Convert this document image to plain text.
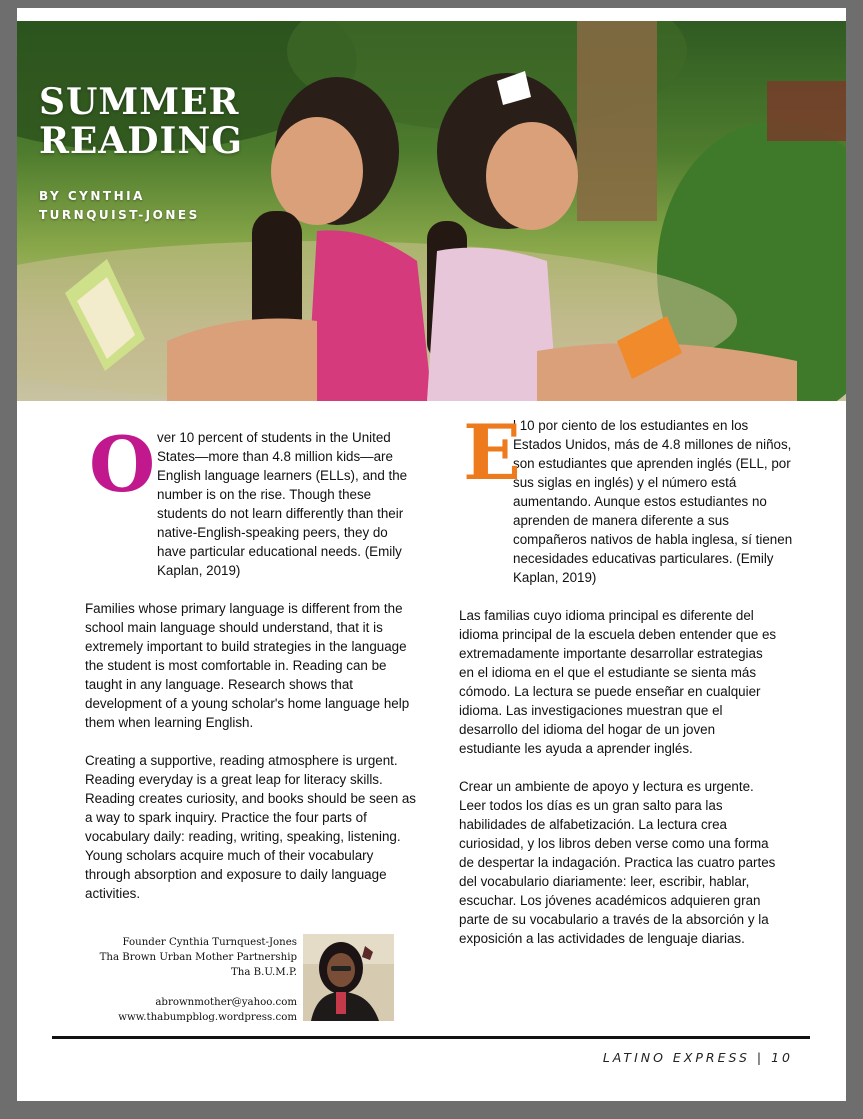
SUMMER
READING
BY CYNTHIA
TURNQUIST-JONES
O ver 10 percent of students in the United States—more than 4.8 million kids—are English language learners (ELLs), and the number is on the rise. Though these students do not learn differently than their native-English-speaking peers, they do have particular educational needs. (Emily Kaplan, 2019)

Families whose primary language is different from the school main language should understand, that it is extremely important to build strategies in the language the student is most comfortable in. Reading can be taught in any language. Research shows that development of a young scholar's home language help them when learning English.

Creating a supportive, reading atmosphere is urgent. Reading everyday is a great leap for literacy skills. Reading creates curiosity, and books should be seen as a way to spark inquiry. Practice the four parts of vocabulary daily: reading, writing, speaking, listening. Young scholars acquire much of their vocabulary through absorption and exposure to daily language activities.

E

l 10 por ciento de los estudiantes en los Estados Unidos, más de 4.8 millones de niños, son estudiantes que aprenden inglés (ELL, por sus siglas en inglés) y el número está aumentando. Aunque estos estudiantes no aprenden de manera diferente a sus compañeros nativos de habla inglesa, sí tienen necesidades educativas particulares. (Emily Kaplan, 2019)

Las familias cuyo idioma principal es diferente del idioma principal de la escuela deben entender que es extremadamente importante desarrollar estrategias en el idioma en el que el estudiante se sienta más cómodo. La lectura se puede enseñar en cualquier idioma. Las investigaciones muestran que el desarrollo del idioma del hogar de un joven estudiante les ayuda a aprender inglés.

Crear un ambiente de apoyo y lectura es urgente. Leer todos los días es un gran salto para las habilidades de alfabetización. La lectura crea curiosidad, y los libros deben verse como una forma de despertar la indagación. Practica las cuatro partes del vocabulario diariamente: leer, escribir, hablar, escuchar. Los jóvenes académicos adquieren gran parte de su vocabulario a través de la absorción y la exposición a las actividades de lenguaje diarias.

Founder Cynthia Turnquest-Jones
Tha Brown Urban Mother Partnership
Tha B.U.M.P.
abrownmother@yahoo.com
www.thabumpblog.wordpress.com
LATINO EXPRESS | 10
